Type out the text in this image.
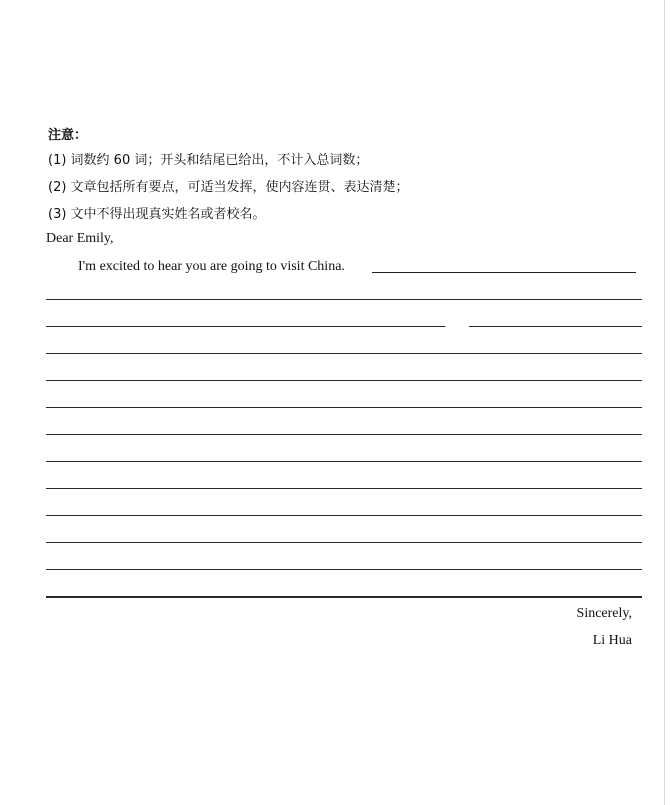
注意：
(1) 词数约 60 词；开头和结尾已给出，不计入总词数；
(2) 文章包括所有要点，可适当发挥，使内容连贯、表达清楚；
(3) 文中不得出现真实姓名或者校名。
Dear Emily,
I'm excited to hear you are going to visit China.
Sincerely,
Li Hua
